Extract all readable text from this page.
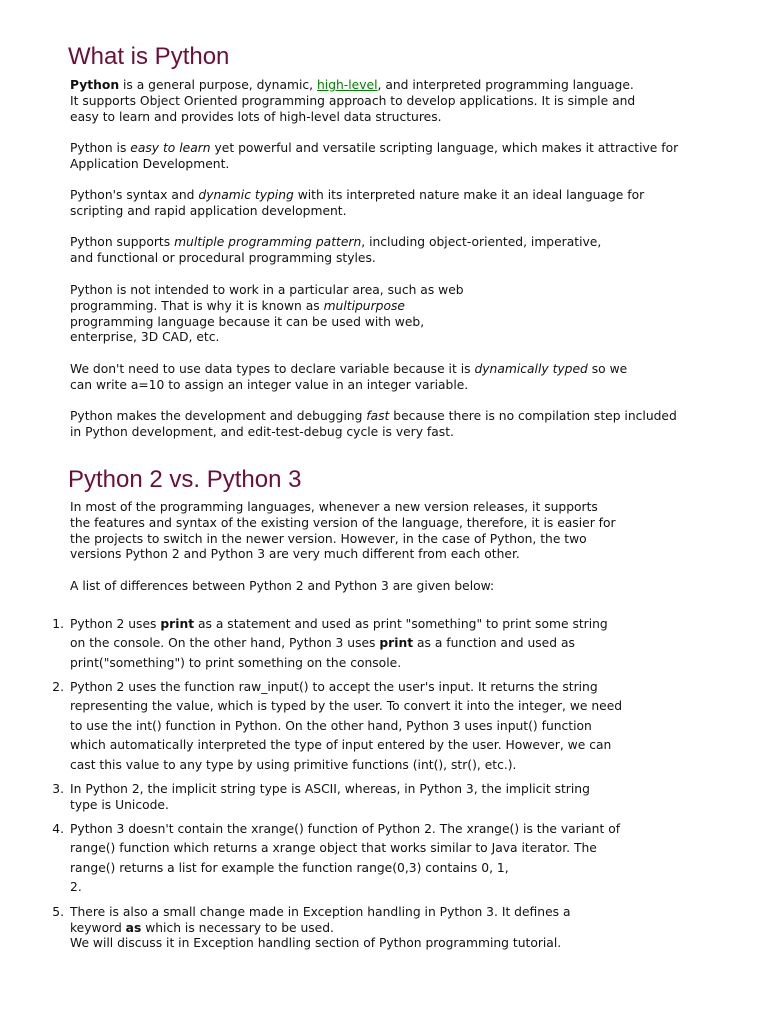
What is Python
Python is a general purpose, dynamic, high-level, and interpreted programming language.
It supports Object Oriented programming approach to develop applications. It is simple and
easy to learn and provides lots of high-level data structures.
Python is easy to learn yet powerful and versatile scripting language, which makes it attractive for
Application Development.
Python's syntax and dynamic typing with its interpreted nature make it an ideal language for
scripting and rapid application development.
Python supports multiple programming pattern, including object-oriented, imperative,
and functional or procedural programming styles.
Python is not intended to work in a particular area, such as web
programming. That is why it is known as multipurpose
programming language because it can be used with web,
enterprise, 3D CAD, etc.
We don't need to use data types to declare variable because it is dynamically typed so we
can write a=10 to assign an integer value in an integer variable.
Python makes the development and debugging fast because there is no compilation step included
in Python development, and edit-test-debug cycle is very fast.
Python 2 vs. Python 3
In most of the programming languages, whenever a new version releases, it supports
the features and syntax of the existing version of the language, therefore, it is easier for
the projects to switch in the newer version. However, in the case of Python, the two
versions Python 2 and Python 3 are very much different from each other.
A list of differences between Python 2 and Python 3 are given below:
1. Python 2 uses print as a statement and used as print "something" to print some string
on the console. On the other hand, Python 3 uses print as a function and used as
print("something") to print something on the console.
2. Python 2 uses the function raw_input() to accept the user's input. It returns the string
representing the value, which is typed by the user. To convert it into the integer, we need
to use the int() function in Python. On the other hand, Python 3 uses input() function
which automatically interpreted the type of input entered by the user. However, we can
cast this value to any type by using primitive functions (int(), str(), etc.).
3. In Python 2, the implicit string type is ASCII, whereas, in Python 3, the implicit string
type is Unicode.
4. Python 3 doesn't contain the xrange() function of Python 2. The xrange() is the variant of
range() function which returns a xrange object that works similar to Java iterator. The
range() returns a list for example the function range(0,3) contains 0, 1,
2.
5. There is also a small change made in Exception handling in Python 3. It defines a
keyword as which is necessary to be used.
We will discuss it in Exception handling section of Python programming tutorial.
